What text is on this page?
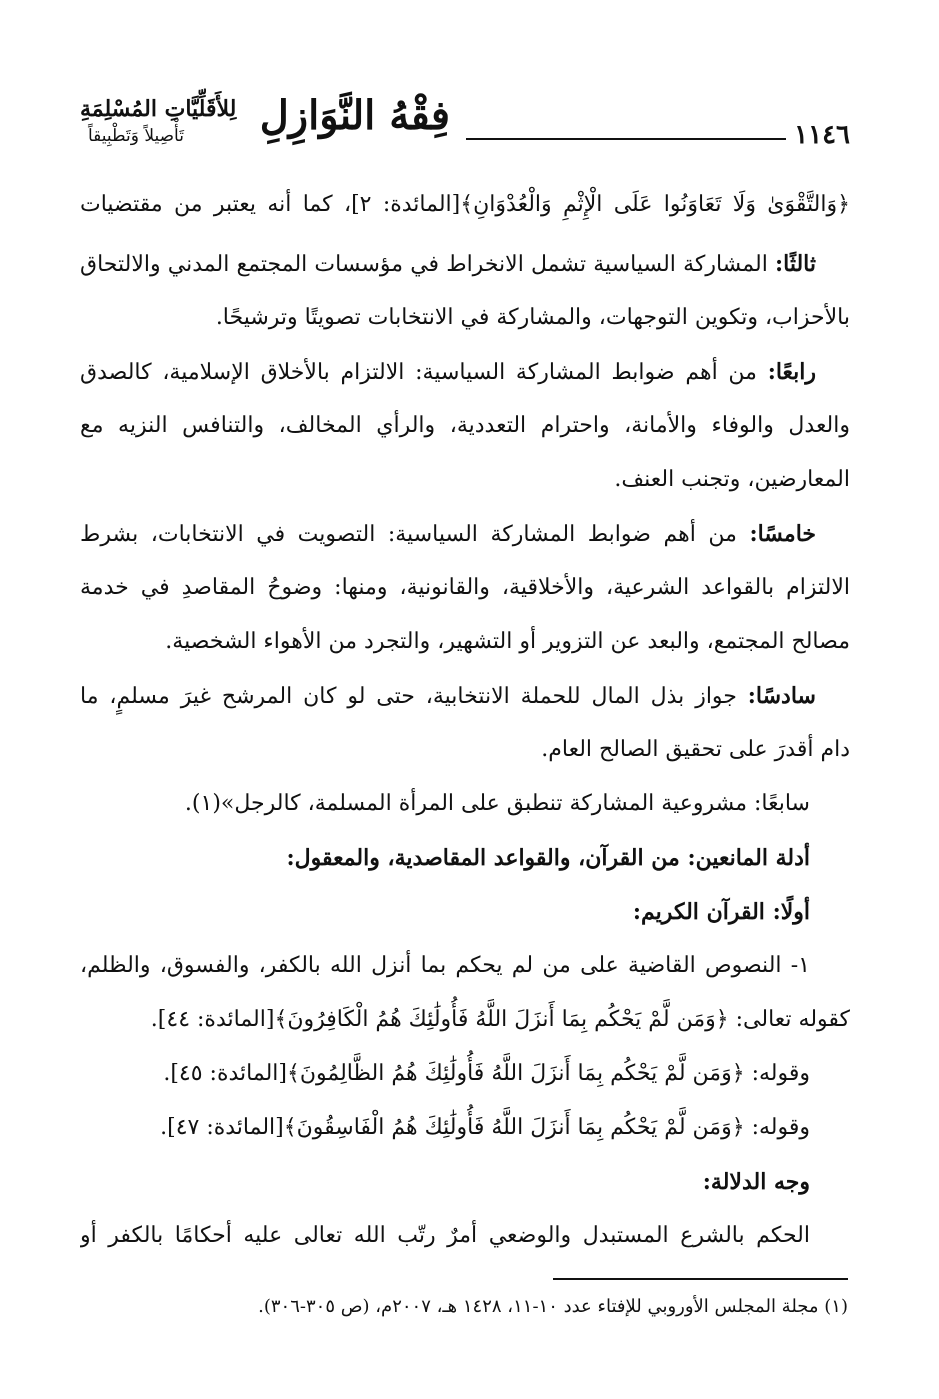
١١٤٦
فِقْهُ النَّوَازِلِ
لِلأَقَلِّيَّاتِ المُسْلِمَةِ
تَأْصِيلاً وَتَطْبِيقاً
﴿وَالتَّقْوَىٰ وَلَا تَعَاوَنُوا عَلَى الْإِثْمِ وَالْعُدْوَانِ﴾[المائدة: ٢]، كما أنه يعتبر من مقتضيات
ثالثًا: المشاركة السياسية تشمل الانخراط في مؤسسات المجتمع المدني والالتحاق
بالأحزاب، وتكوين التوجهات، والمشاركة في الانتخابات تصويتًا وترشيحًا.
رابعًا: من أهم ضوابط المشاركة السياسية: الالتزام بالأخلاق الإسلامية، كالصدق
والعدل والوفاء والأمانة، واحترام التعددية، والرأي المخالف، والتنافس النزيه مع
المعارضين، وتجنب العنف.
خامسًا: من أهم ضوابط المشاركة السياسية: التصويت في الانتخابات، بشرط
الالتزام بالقواعد الشرعية، والأخلاقية، والقانونية، ومنها: وضوحُ المقاصدِ في خدمة
مصالح المجتمع، والبعد عن التزوير أو التشهير، والتجرد من الأهواء الشخصية.
سادسًا: جواز بذل المال للحملة الانتخابية، حتى لو كان المرشح غيرَ مسلمٍ، ما
دام أقدرَ على تحقيق الصالح العام.
سابعًا: مشروعية المشاركة تنطبق على المرأة المسلمة، كالرجل»(١).
أدلة المانعين: من القرآن، والقواعد المقاصدية، والمعقول:
أولًا: القرآن الكريم:
١- النصوص القاضية على من لم يحكم بما أنزل الله بالكفر، والفسوق، والظلم،
كقوله تعالى: ﴿وَمَن لَّمْ يَحْكُم بِمَا أَنزَلَ اللَّهُ فَأُولَٰئِكَ هُمُ الْكَافِرُونَ﴾[المائدة: ٤٤].
وقوله: ﴿وَمَن لَّمْ يَحْكُم بِمَا أَنزَلَ اللَّهُ فَأُولَٰئِكَ هُمُ الظَّالِمُونَ﴾[المائدة: ٤٥].
وقوله: ﴿وَمَن لَّمْ يَحْكُم بِمَا أَنزَلَ اللَّهُ فَأُولَٰئِكَ هُمُ الْفَاسِقُونَ﴾[المائدة: ٤٧].
وجه الدلالة:
الحكم بالشرع المستبدل والوضعي أمرٌ رتّب الله تعالى عليه أحكامًا بالكفر أو
(١) مجلة المجلس الأوروبي للإفتاء عدد ١٠-١١، ١٤٢٨ هـ، ٢٠٠٧م، (ص ٣٠٥-٣٠٦).
